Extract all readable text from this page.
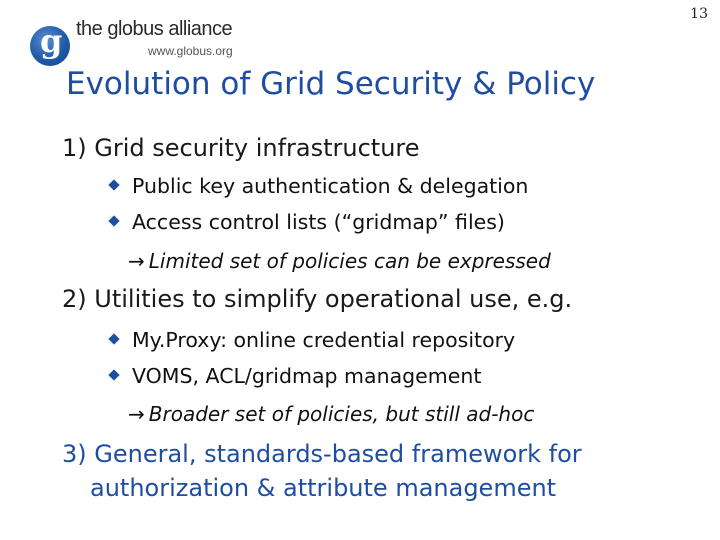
13
g the globus alliance
www.globus.org
Evolution of Grid Security & Policy
1) Grid security infrastructure
Public key authentication & delegation
Access control lists (“gridmap” files)
→ Limited set of policies can be expressed
2) Utilities to simplify operational use, e.g.
My.Proxy: online credential repository
VOMS, ACL/gridmap management
→ Broader set of policies, but still ad-hoc
3) General, standards-based framework for
authorization & attribute management
